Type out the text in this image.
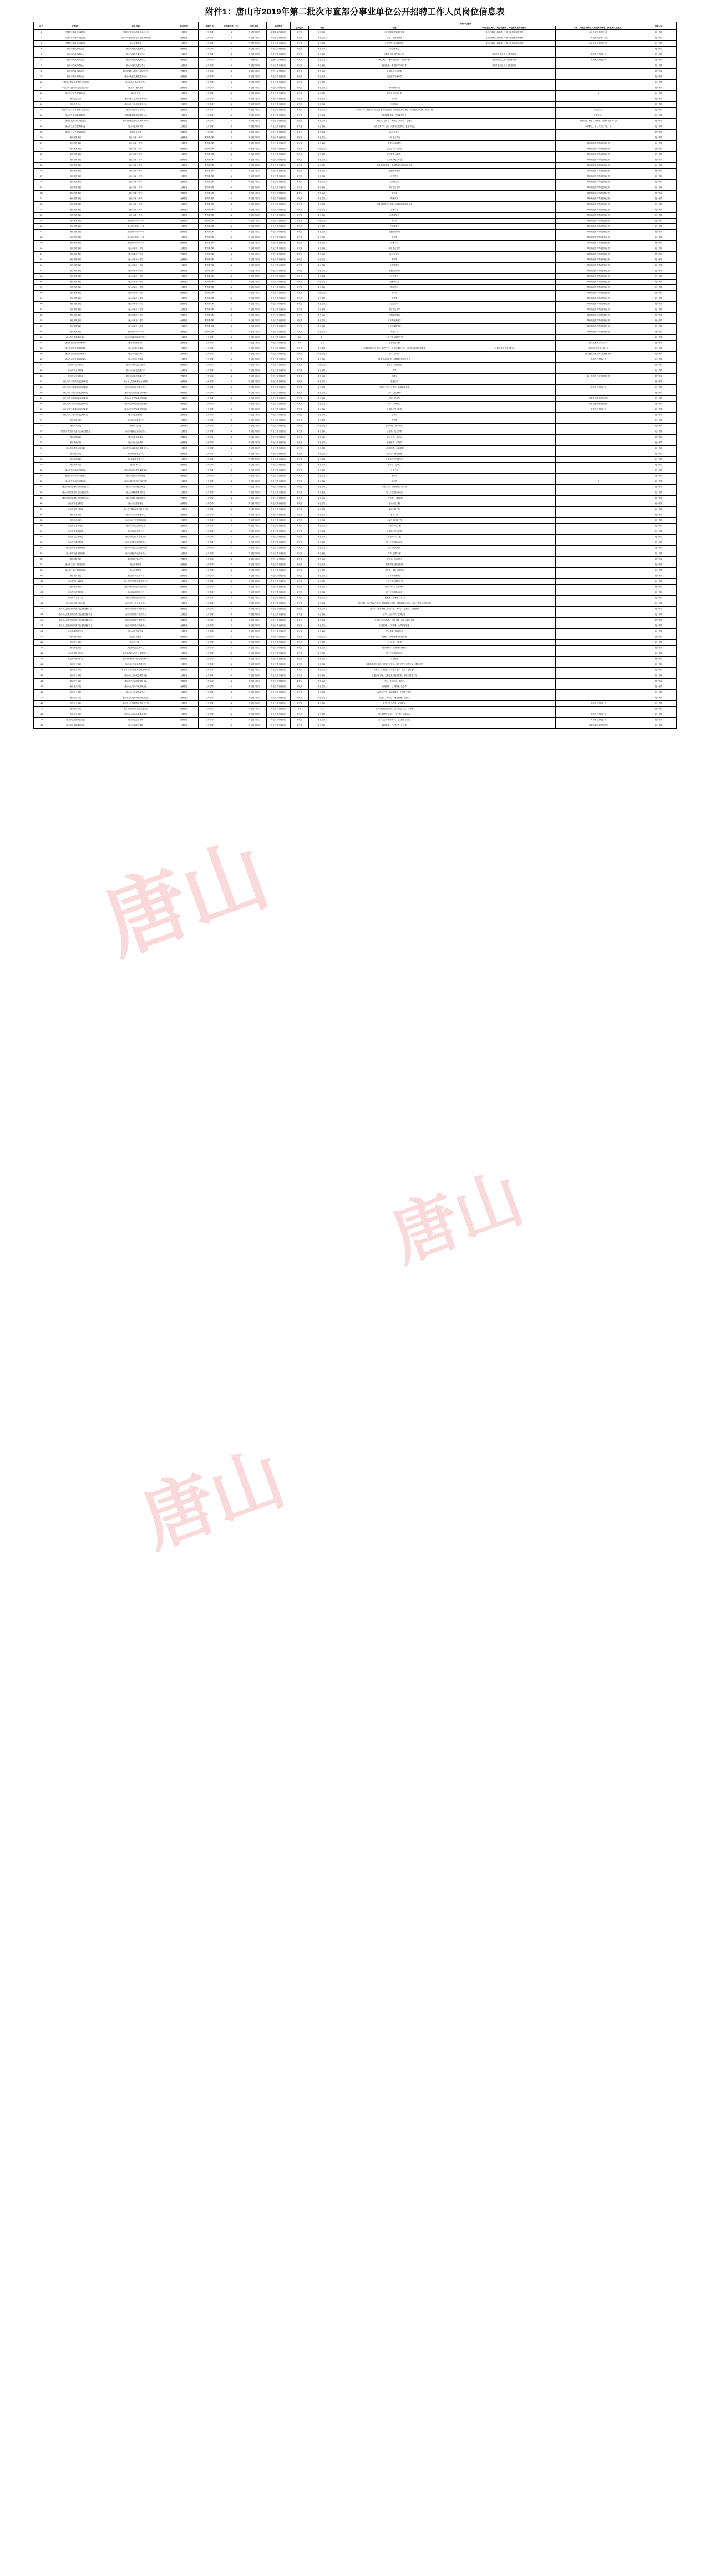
唐山
唐山
唐山
附件1：唐山市2019年第二批次市直部分事业单位公开招聘工作人员岗位信息表
序号	主管部门	单位名称	单位性质	招聘方式	拟招聘人数（人）	岗位类别	岗位等级	招聘岗位条件					招聘方式
								学历层次	学位	专业	学历(包括成人）及学位要求、专业要求及资格条件	其他（其他证书和技术相应的资格等、资格及以上证书）	
1	中国共产党唐山市委员会	中国共产党唐山市委员会办公室	全额拨款	公开招聘	4	专业技术岗位	管理岗位九级职员	研究生	硕士及以上	公开招聘条件见岗位要求	具有正高级、副高级、中级专业技术职务资格	本科及研究生所学专业	统一招聘
2	中国共产党唐山市委员会	中国共产党唐山市委员会政策研究室	全额拨款	公开招聘	2	专业技术岗位	专业技术十级岗位	研究生	硕士及以上	文化、工商管理类	具有正高级、副高级、中级专业技术职务资格	本科及研究生所学专业	统一招聘
3	中国共产党唐山市委员会	唐山市委党校	全额拨款	公开招聘	1	专业技术岗位	专业技术十级岗位	研究生	硕士及以上	化学工程、新能源专业	具有正高级、副高级、中级专业技术职务资格	本科及研究生所学专业	统一招聘
4	唐山市残疾人联合会	唐山市残疾人服务中心	全额拨款	公开招聘	1	专业技术岗位	专业技术十级岗位	研究生	硕士及以上	信息技术类			统一招聘
5	唐山市残疾人联合会	唐山市残疾人服务中心	全额拨款	公开招聘	1	专业技术岗位	专业技术十级岗位	研究生	硕士及以上	计算机科学与技术类专业	具有中级及以上专业技术职务	具有相关资格证书	统一招聘
6	唐山市残疾人联合会	唐山市残疾人服务中心	全额拨款	公开招聘	1	管理岗位	管理岗位九级职员	研究生	硕士及以上	软件工程、广播电视新闻学、新闻传播学	具有中级及以上专业技术职务	具有相关资格证书	统一招聘
7	唐山市残疾人联合会	唐山市残疾人服务中心	全额拨款	公开招聘	1	专业技术岗位	专业技术十级岗位	研究生	硕士及以上	临床医学、康复医学与理疗学	具有中级及以上专业技术职务		统一招聘
8	唐山市残疾人联合会	唐山市残疾人职业技能培训中心	全额拨款	公开招聘	1	专业技术岗位	专业技术十级岗位	研究生	硕士及以上	计算机科学与技术			统一招聘
9	唐山市残疾人联合会	唐山市残疾人康复服务中心	全额拨款	公开招聘	1	专业技术岗位	专业技术十级岗位	研究生	硕士及以上	康复医学与理疗学			统一招聘
10	中国共产党唐山市委员会组织部	唐山市人才交流服务中心	全额拨款	公开招聘	1	专业技术岗位	专业技术十级岗位	研究生	硕士及以上				统一招聘
11	中国共产党唐山市委员会宣传部	唐山市广播电视台	差额拨款	公开招聘	2	专业技术岗位	专业技术十级岗位	研究生	硕士及以上	新闻传播学类			统一招聘
12	唐山市文学艺术界联合会	唐山市文联	全额拨款	公开招聘	1	专业技术岗位	专业技术十级岗位	研究生	硕士及以上	财务会计与审计类		女	统一招聘
13	唐山市总工会	唐山市总工会职工服务中心	全额拨款	公开招聘	1	专业技术岗位	专业技术十级岗位	研究生	硕士及以上	法学类			统一招聘
14	唐山市总工会	唐山市总工会职工服务中心	全额拨款	公开招聘	1	专业技术岗位	专业技术十级岗位	研究生	硕士及以上	工商管理			统一招聘
15	中国共产主义青年团唐山市委员会	唐山市青少年活动中心	全额拨款	公开招聘	1	专业技术岗位	专业技术十级岗位	研究生	硕士及以上	计算机科学与技术类、信息管理与信息系统、计算机软件与理论、计算机应用技术、软件工程		中专及以上	统一招聘
16	唐山市发展和改革委员会	市级储备粮管理和调控中心	全额拨款	公开招聘	1	专业技术岗位	专业技术十级岗位	研究生	硕士及以上	粮油储藏学类、兰源粮学专业		中专及以上	统一招聘
17	唐山市发展和改革委员会	唐山市价格监测与成本调查中心	全额拨款	公开招聘	1	专业技术岗位	专业技术十级岗位	研究生	硕士及以上	财政学、会计学、统计学、审计学、金融学		本科阶段、硕士（或博士）阶段专业要求一致	统一招聘
18	唐山市文学艺术界联合会	唐山市艺术研究所	全额拨款	公开招聘	1	专业技术岗位	专业技术十级岗位	研究生	硕士及以上	汉语言文学专业类、戏剧与影视学类、艺术学理论		本科阶段、硕士研究生专业一致	统一招聘
19	唐山市文学艺术界联合会	唐山市文化馆	全额拨款	公开招聘	1	专业技术岗位	专业技术十级岗位	研究生	硕士及以上	汉语言文学			统一招聘
20	唐山市教育局	唐山市第一中学	全额拨款	教育类招聘	1	专业技术岗位	专业技术十级岗位	研究生	硕士及以上	汉语言文学类			统一招聘
21	唐山市教育局	唐山市第一中学	全额拨款	教育类招聘	1	专业技术岗位	专业技术十级岗位	研究生	硕士及以上	数学与应用数学		具有高级中学教师资格证书	统一招聘
22	唐山市教育局	唐山市第二中学	全额拨款	教育类招聘	1	专业技术岗位	专业技术十级岗位	研究生	硕士及以上	汉语言文学专业类		具有高级中学教师资格证书	统一招聘
23	唐山市教育局	唐山市第二中学	全额拨款	教育类招聘	1	专业技术岗位	专业技术十级岗位	研究生	硕士及以上	学科教学（数学）		具有高级中学教师资格证书	统一招聘
24	唐山市教育局	唐山市第二中学	全额拨款	教育类招聘	1	专业技术岗位	专业技术十级岗位	研究生	硕士及以上	生物教育相关专业		具有高级中学教师资格证书	统一招聘
25	唐山市教育局	唐山市第二中学	全额拨款	教育类招聘	1	专业技术岗位	专业技术十级岗位	研究生	硕士及以上	体育教育训练学、体育教育与训练相关专业		具有高级中学教师资格证书	统一招聘
26	唐山市教育局	唐山市第一中学	全额拨款	教育类招聘	1	专业技术岗位	专业技术十级岗位	研究生	硕士及以上	思想政治教育		具有高级中学教师资格证书	统一招聘
27	唐山市教育局	唐山市第一中学	全额拨款	教育类招聘	1	专业技术岗位	专业技术十级岗位	研究生	硕士及以上	历史学类		具有高级中学教师资格证书	统一招聘
28	唐山市教育局	唐山市第一中学	全额拨款	教育类招聘	1	专业技术岗位	专业技术十级岗位	研究生	硕士及以上	生物科学类		具有高级中学教师资格证书	统一招聘
29	唐山市教育局	唐山市第一中学	全额拨款	教育类招聘	1	专业技术岗位	专业技术十级岗位	研究生	硕士及以上	英语语言文学		具有高级中学教师资格证书	统一招聘
30	唐山市教育局	唐山市第一中学	全额拨款	教育类招聘	1	专业技术岗位	专业技术十级岗位	研究生	硕士及以上	化学类		具有高级中学教师资格证书	统一招聘
31	唐山市教育局	唐山市第一中学	全额拨款	教育类招聘	1	专业技术岗位	专业技术十级岗位	研究生	硕士及以上	物理学类		具有高级中学教师资格证书	统一招聘
32	唐山市教育局	唐山市第一中学	全额拨款	教育类招聘	1	专业技术岗位	专业技术十级岗位	研究生	硕士及以上	计算机科学与技术类、计算机技术相关专业		具有高级中学教师资格证书	统一招聘
33	唐山市教育局	唐山市第一中学	全额拨款	教育类招聘	1	专业技术岗位	专业技术十级岗位	研究生	硕士及以上	心理学类		具有高级中学教师资格证书	统一招聘
34	唐山市教育局	唐山市第一中学	全额拨款	教育类招聘	1	专业技术岗位	专业技术十级岗位	研究生	硕士及以上	地理科学类		具有高级中学教师资格证书	统一招聘
35	唐山市教育局	唐山市开滦第一中学	全额拨款	教育类招聘	1	专业技术岗位	专业技术十级岗位	研究生	硕士及以上	数学类		具有高级中学教师资格证书	统一招聘
36	唐山市教育局	唐山市开滦第一中学	全额拨款	教育类招聘	1	专业技术岗位	专业技术十级岗位	研究生	硕士及以上	生物科学类		具有高级中学教师资格证书	统一招聘
37	唐山市教育局	唐山市开滦第一中学	全额拨款	教育类招聘	1	专业技术岗位	专业技术十级岗位	研究生	硕士及以上	思想政治教育		具有高级中学教师资格证书	统一招聘
38	唐山市教育局	唐山市开滦第一中学	全额拨款	教育类招聘	1	专业技术岗位	专业技术十级岗位	研究生	硕士及以上	化学类		具有高级中学教师资格证书	统一招聘
39	唐山市教育局	唐山市开滦第一中学	全额拨款	教育类招聘	1	专业技术岗位	专业技术十级岗位	研究生	硕士及以上	物理学类		具有高级中学教师资格证书	统一招聘
40	唐山市教育局	唐山市第十一中学	全额拨款	教育类招聘	1	专业技术岗位	专业技术十级岗位	研究生	硕士及以上	英语语言文学		具有高级中学教师资格证书	统一招聘
41	唐山市教育局	唐山市第十一中学	全额拨款	教育类招聘	1	专业技术岗位	专业技术十级岗位	研究生	硕士及以上	汉语言文学		具有高级中学教师资格证书	统一招聘
42	唐山市教育局	唐山市第十一中学	全额拨款	教育类招聘	1	专业技术岗位	专业技术十级岗位	研究生	硕士及以上	数学类		具有高级中学教师资格证书	统一招聘
43	唐山市教育局	唐山市第十一中学	全额拨款	教育类招聘	1	专业技术岗位	专业技术十级岗位	研究生	硕士及以上	生物科学类		具有高级中学教师资格证书	统一招聘
44	唐山市教育局	唐山市第十一中学	全额拨款	教育类招聘	1	专业技术岗位	专业技术十级岗位	研究生	硕士及以上	思想政治教育		具有高级中学教师资格证书	统一招聘
45	唐山市教育局	唐山市第十一中学	全额拨款	教育类招聘	1	专业技术岗位	专业技术十级岗位	研究生	硕士及以上	历史学类		具有高级中学教师资格证书	统一招聘
46	唐山市教育局	唐山市第十一中学	全额拨款	教育类招聘	1	专业技术岗位	专业技术十级岗位	研究生	硕士及以上	地理科学类		具有高级中学教师资格证书	统一招聘
47	唐山市教育局	唐山市第十一中学	全额拨款	教育类招聘	1	专业技术岗位	专业技术十级岗位	研究生	硕士及以上	物理学类		具有高级中学教师资格证书	统一招聘
48	唐山市教育局	唐山市第十二中学	全额拨款	教育类招聘	1	专业技术岗位	专业技术十级岗位	研究生	硕士及以上	化学类		具有高级中学教师资格证书	统一招聘
49	唐山市教育局	唐山市第十二中学	全额拨款	教育类招聘	1	专业技术岗位	专业技术十级岗位	研究生	硕士及以上	数学类		具有高级中学教师资格证书	统一招聘
50	唐山市教育局	唐山市第十二中学	全额拨款	教育类招聘	1	专业技术岗位	专业技术十级岗位	研究生	硕士及以上	汉语言文学		具有高级中学教师资格证书	统一招聘
51	唐山市教育局	唐山市第十二中学	全额拨款	教育类招聘	1	专业技术岗位	专业技术十级岗位	研究生	硕士及以上	英语语言文学		具有高级中学教师资格证书	统一招聘
52	唐山市教育局	唐山市第十二中学	全额拨款	教育类招聘	1	专业技术岗位	专业技术十级岗位	研究生	硕士及以上	思想政治教育		具有高级中学教师资格证书	统一招聘
53	唐山市教育局	唐山市第十二中学	全额拨款	教育类招聘	1	专业技术岗位	专业技术十级岗位	研究生	硕士及以上	体育教育训练学		具有高级中学教师资格证书	统一招聘
54	唐山市教育局	唐山市第十二中学	全额拨款	教育类招聘	1	专业技术岗位	专业技术十级岗位	研究生	硕士及以上	音乐与舞蹈学类		具有高级中学教师资格证书	统一招聘
55	唐山市教育局	唐山市开滦第二中学	全额拨款	教育类招聘	1	专业技术岗位	专业技术十级岗位	研究生	硕士及以上	美术学类		具有高级中学教师资格证书	统一招聘
56	唐山市卫生健康委员会	唐山市疾病预防控制中心	全额拨款	公开招聘	1	专业技术岗位	专业技术十级岗位	本科	学士	公共卫生与预防医学			统一招聘
57	唐山市自然资源和规划局	唐山市国土资源局	全额拨款	公开招聘	1	专业技术岗位	专业技术十级岗位	本科	学士	电子信息工程		限一类本科及以上学历	统一招聘
58	唐山市自然资源和规划局	唐山市国土资源局	全额拨款	公开招聘	1	专业技术岗位	专业技术十级岗位	研究生	硕士及以上	计算机科学与技术类、软件工程、信息与通信工程、地图学与地理信息系统	计算机类相关专业要求	本科与研究生专业须一致	统一招聘
59	唐山市自然资源和规划局	唐山市国土资源局	全额拨款	公开招聘	1	专业技术岗位	专业技术十级岗位	研究生	硕士及以上	会计、会计学		限中级及以上会计专业技术资格	统一招聘
60	唐山市自然资源和规划局	唐山市国土资源局	全额拨款	公开招聘	1	专业技术岗位	专业技术十级岗位	研究生	硕士及以上	数学与应用数学、计算数学等相关专业		具有相关资格证书	统一招聘
61	唐山市农业农村局	唐山市动物卫生监督所	全额拨款	公开招聘	1	专业技术岗位	专业技术十级岗位	研究生	硕士及以上	兽医学、兽医硕士			统一招聘
62	唐山市农业农村局	唐山市农业技术推广站	全额拨款	公开招聘	1	专业技术岗位	专业技术十级岗位	研究生	硕士及以上	法学			统一招聘
63	唐山市农业农村局	唐山市农业技术推广站	全额拨款	公开招聘	1	专业技术岗位	专业技术十级岗位	研究生	硕士及以上	护理学		限、具有护士执业资格证书	统一招聘
64	唐山市人力资源和社会保障局	唐山市人力资源和社会保障局	全额拨款	公开招聘	1	专业技术岗位	专业技术十级岗位	研究生	硕士及以上	临床医学			统一招聘
65	唐山市人力资源和社会保障局	唐山市劳动能力鉴定中心	全额拨款	公开招聘	1	专业技术岗位	专业技术十级岗位	研究生	硕士及以上	汉语言文学、法学类、新闻传播学类		具有相关资格证书	统一招聘
66	唐山市人力资源和社会保障局	唐山市社会保险事业管理局	全额拨款	公开招聘	1	专业技术岗位	专业技术十级岗位	研究生	硕士及以上	法学、社会保障			统一招聘
67	唐山市人力资源和社会保障局	唐山市医疗保险事业管理局	全额拨款	公开招聘	1	专业技术岗位	专业技术十级岗位	研究生	硕士及以上	护理、护理学		具有护士执业资格证书	统一招聘
68	唐山市人力资源和社会保障局	唐山市医疗保险事业管理局	全额拨款	公开招聘	1	专业技术岗位	专业技术十级岗位	研究生	硕士及以上	药学、临床药学		具有执业药师资格证书	统一招聘
69	唐山市人力资源和社会保障局	唐山市医疗保险事业管理局	全额拨款	公开招聘	1	专业技术岗位	专业技术十级岗位	研究生	硕士及以上	计算机科学与技术		具有相关资格证书	统一招聘
70	唐山市人力资源和社会保障局	唐山市就业服务局	全额拨款	公开招聘	1	专业技术岗位	专业技术十级岗位	研究生	硕士及以上	会计学			统一招聘
71	唐山市司法局	唐山市法律援助中心	全额拨款	公开招聘	1	专业技术岗位	专业技术十级岗位	研究生	硕士及以上	法学类			统一招聘
72	唐山市司法局	唐山市公证处	全额拨款	公开招聘	1	专业技术岗位	专业技术十级岗位	研究生	硕士及以上	法律硕士、法学硕士			统一招聘
73	中国共产党唐山市委员会政法委员会	唐山市委政法委综治中心	全额拨款	公开招聘	1	专业技术岗位	专业技术十级岗位	研究生	硕士及以上	法学类、社会学类			统一招聘
74	唐山市民政局	唐山市救助管理站	全额拨款	公开招聘	1	专业技术岗位	专业技术十级岗位	研究生	硕士及以上	社会工作、社会学			统一招聘
75	唐山市民政局	唐山市社会福利院	全额拨款	公开招聘	1	专业技术岗位	专业技术十级岗位	研究生	硕士及以上	临床医学、护理学			统一招聘
76	唐山市退役军人事务局	唐山市军队离退休干部服务中心	全额拨款	公开招聘	1	专业技术岗位	专业技术十级岗位	研究生	硕士及以上	公共管理类、行政管理			统一招聘
77	唐山市财政局	唐山市财政信息中心	全额拨款	公开招聘	1	专业技术岗位	专业技术十级岗位	研究生	硕士及以上	会计学、财务管理			统一招聘
78	唐山市财政局	唐山市政府采购中心	全额拨款	公开招聘	1	专业技术岗位	专业技术十级岗位	研究生	硕士及以上	计算机科学与技术类			统一招聘
79	唐山市审计局	唐山市审计局	全额拨款	公开招聘	1	专业技术岗位	专业技术十级岗位	研究生	硕士及以上	审计学、会计学			统一招聘
80	唐山市住房和城乡建设局	唐山市建设工程质量监督站	全额拨款	公开招聘	1	专业技术岗位	专业技术十级岗位	研究生	硕士及以上	土木工程			统一招聘
81	唐山市住房和城乡建设局	唐山市建筑工程管理处	全额拨款	公开招聘	1	专业技术岗位	专业技术十级岗位	研究生	硕士及以上	建筑学			统一招聘
82	唐山市住房和城乡建设局	唐山市城乡规划设计研究院	全额拨款	公开招聘	1	专业技术岗位	专业技术十级岗位	研究生	硕士及以上	会计学		女	统一招聘
83	唐山市城市管理综合行政执法局	唐山市市政设施管理处	全额拨款	公开招聘	1	专业技术岗位	专业技术十级岗位	研究生	硕士及以上	市政工程、给排水科学与工程			统一招聘
84	唐山市城市管理综合行政执法局	唐山市园林绿化管理处	全额拨款	公开招聘	1	专业技术岗位	专业技术十级岗位	研究生	硕士及以上	电气工程及其自动化			统一招聘
85	唐山市城市管理综合行政执法局	唐山市城市照明管理处	全额拨款	公开招聘	1	专业技术岗位	专业技术十级岗位	研究生	硕士及以上	工程管理、工程造价			统一招聘
86	唐山市交通运输局	唐山市公路管理处	全额拨款	公开招聘	1	专业技术岗位	专业技术十级岗位	研究生	硕士及以上	电子信息工程			统一招聘
87	唐山市交通运输局	唐山市交通运输综合执法支队	全额拨款	公开招聘	1	专业技术岗位	专业技术十级岗位	研究生	硕士及以上	交通运输工程			统一招聘
88	唐山市水利局	唐山市水资源管理中心	全额拨款	公开招聘	1	专业技术岗位	专业技术十级岗位	研究生	硕士及以上	水利工程			统一招聘
89	唐山市水利局	唐山市水文水资源勘测局	全额拨款	公开招聘	1	专业技术岗位	专业技术十级岗位	研究生	硕士及以上	水文与水资源工程			统一招聘
90	唐山市生态环境局	唐山市环境监测中心站	全额拨款	公开招聘	1	专业技术岗位	专业技术十级岗位	研究生	硕士及以上	环境科学与工程			统一招聘
91	唐山市生态环境局	唐山市环境信息中心	全额拨款	公开招聘	1	专业技术岗位	专业技术十级岗位	研究生	硕士及以上	计算机科学与技术			统一招聘
92	唐山市应急管理局	唐山市安全生产监察支队	全额拨款	公开招聘	1	专业技术岗位	专业技术十级岗位	研究生	硕士及以上	安全科学与工程			统一招聘
93	唐山市应急管理局	唐山市应急救援指挥中心	全额拨款	公开招聘	1	专业技术岗位	专业技术十级岗位	研究生	硕士及以上	电气工程及其自动化			统一招聘
94	唐山市市场监督管理局	唐山市产品质量监督检验所	全额拨款	公开招聘	1	专业技术岗位	专业技术十级岗位	研究生	硕士及以上	化学工程与技术			统一招聘
95	唐山市市场监督管理局	唐山市食品药品检验中心	全额拨款	公开招聘	1	专业技术岗位	专业技术十级岗位	研究生	硕士及以上	药学、药物分析			统一招聘
96	唐山市统计局	唐山市统计信息中心	全额拨款	公开招聘	1	专业技术岗位	专业技术十级岗位	研究生	硕士及以上	统计学、应用统计			统一招聘
97	唐山市文化广电和旅游局	唐山市图书馆	全额拨款	公开招聘	1	专业技术岗位	专业技术十级岗位	研究生	硕士及以上	图书情报与档案管理			统一招聘
98	唐山市文化广电和旅游局	唐山市博物馆	全额拨款	公开招聘	1	专业技术岗位	专业技术十级岗位	研究生	硕士及以上	考古学、文物与博物馆			统一招聘
99	唐山市体育局	唐山市体育运动学校	全额拨款	公开招聘	1	专业技术岗位	专业技术十级岗位	研究生	硕士及以上	体育教育训练学			统一招聘
100	唐山市医疗保障局	唐山市医疗保障基金管理中心	全额拨款	公开招聘	1	专业技术岗位	专业技术十级岗位	研究生	硕士及以上	公共卫生与预防医学			统一招聘
101	唐山市商务局	唐山市商务局经济信息中心	全额拨款	公开招聘	1	专业技术岗位	专业技术十级岗位	研究生	硕士及以上	国际贸易学、国际商务			统一招聘
102	唐山市行政审批局	唐山市政务服务中心	全额拨款	公开招聘	1	专业技术岗位	专业技术十级岗位	研究生	硕士及以上	电气工程及其自动化			统一招聘
103	唐山市科学技术局	唐山市科技情报研究所	全额拨款	公开招聘	1	专业技术岗位	专业技术十级岗位	研究生	硕士及以上	工程管理、管理科学与工程			统一招聘
104	唐山市工业和信息化局	唐山市中小企业服务中心	全额拨款	公开招聘	2	专业技术岗位	专业技术十级岗位	研究生	硕士及以上	机械工程、电子科学与技术、控制科学与工程、材料科学与工程、动力工程及工程热物理			统一招聘
105	唐山市人民政府国有资产监督管理委员会	唐山市国有资产评估中心	全额拨款	公开招聘	2	专业技术岗位	专业技术十级岗位	研究生	硕士及以上	会计学、财务管理、资产评估、审计学、金融学、工商管理			统一招聘
106	唐山市人民政府国有资产监督管理委员会	唐山市国有资产评估中心	全额拨款	公开招聘	1	专业技术岗位	专业技术十级岗位	研究生	硕士及以上	法学、经济法学、民商法学			统一招聘
107	唐山市人民政府国有资产监督管理委员会	唐山市国有资产评估中心	全额拨款	公开招聘	1	专业技术岗位	专业技术十级岗位	研究生	硕士及以上	计算机科学与技术、软件工程、信息与通信工程			统一招聘
108	唐山市人民政府国有资产监督管理委员会	唐山市国有资产评估中心	全额拨款	公开招聘	1	专业技术岗位	专业技术十级岗位	研究生	硕士及以上	行政管理、公共管理、公共事业管理			统一招聘
109	唐山市政府研究室	唐山市政府研究室	全额拨款	公开招聘	1	专业技术岗位	专业技术十级岗位	研究生	硕士及以上	经济学类、管理学类			统一招聘
110	唐山市档案馆	唐山市档案馆	全额拨款	公开招聘	1	专业技术岗位	专业技术十级岗位	研究生	硕士及以上	档案学、图书情报与档案管理			统一招聘
111	唐山市气象局	唐山市气象台	全额拨款	公开招聘	1	专业技术岗位	专业技术十级岗位	研究生	硕士及以上	大气科学、气象学			统一招聘
112	唐山市地震局	唐山市地震监测中心	全额拨款	公开招聘	1	专业技术岗位	专业技术十级岗位	研究生	硕士及以上	地球物理学、固体地球物理学			统一招聘
113	唐山市供销合作社	唐山市供销合作社经济管理中心	全额拨款	公开招聘	1	专业技术岗位	专业技术十级岗位	研究生	硕士及以上	电气工程及其自动化			统一招聘
114	唐山市供销合作社	唐山市供销合作社经济管理中心	全额拨款	公开招聘	1	专业技术岗位	专业技术十级岗位	研究生	硕士及以上	工程管理			统一招聘
115	唐山市公安局	唐山市公安局信息通信处	全额拨款	公开招聘	1	专业技术岗位	专业技术十级岗位	研究生	硕士及以上	计算机科学与技术、网络空间安全、软件工程、信息安全、通信工程			统一招聘
116	唐山市公安局	唐山市公安局刑事科学技术研究所	全额拨款	公开招聘	2	专业技术岗位	专业技术十级岗位	研究生	硕士及以上	法医学、生物化学与分子生物学、化学、分析化学			统一招聘
117	唐山市公安局	唐山市公安局交通警察支队	全额拨款	公开招聘	1	专业技术岗位	专业技术十级岗位	研究生	硕士及以上	交通运输工程、交通信息工程及控制、道路与铁道工程			统一招聘
118	唐山市公安局	唐山市公安局治安警察支队	全额拨款	公开招聘	1	专业技术岗位	专业技术十级岗位	研究生	硕士及以上	法学、诉讼法学、刑法学			统一招聘
119	唐山市公安局	唐山市公安局户政管理支队	全额拨款	公开招聘	1	专业技术岗位	专业技术十级岗位	研究生	硕士及以上	行政管理、公共管理、社会学			统一招聘
120	唐山市公安局	唐山市公安局指挥中心	全额拨款	公开招聘	1	专业技术岗位	专业技术十级岗位	研究生	硕士及以上	汉语言文学、新闻传播学、中国语言文学			统一招聘
121	唐山市公安局	唐山市公安局经济犯罪侦查支队	全额拨款	公开招聘	1	专业技术岗位	专业技术十级岗位	研究生	硕士及以上	会计学、审计学、财务管理、金融学			统一招聘
122	唐山市公安局	唐山市公安局网络安全保卫支队	全额拨款	公开招聘	1	专业技术岗位	专业技术十级岗位	研究生	硕士及以上	化学工程与技术、应用化学		具有相关资格证书	统一招聘
123	唐山市公安局	唐山市公安局科技信息化支队	全额拨款	公开招聘	1	专业技术岗位	专业技术十级岗位	本科	学士	电气工程及其自动化、电子信息工程、自动化			统一招聘
124	唐山市水务局	唐山市水务局所属事业单位	全额拨款	公开招聘	1	专业技术岗位	专业技术十级岗位	研究生	硕士及以上	材料科学与工程、土木工程、结构工程		具有相关资格证书	统一招聘
125	唐山市卫生健康委员会	唐山市卫生监督所	全额拨款	公开招聘	1	专业技术岗位	专业技术十级岗位	研究生	硕士及以上	公共卫生与预防医学、卫生检验与检疫		具有相关资格证书	统一招聘
126	唐山市卫生健康委员会	唐山市妇幼保健院	全额拨款	公开招聘	1	专业技术岗位	专业技术十级岗位	研究生	硕士及以上	临床医学、妇产科学、儿科学		具有执业医师资格证书	统一招聘
